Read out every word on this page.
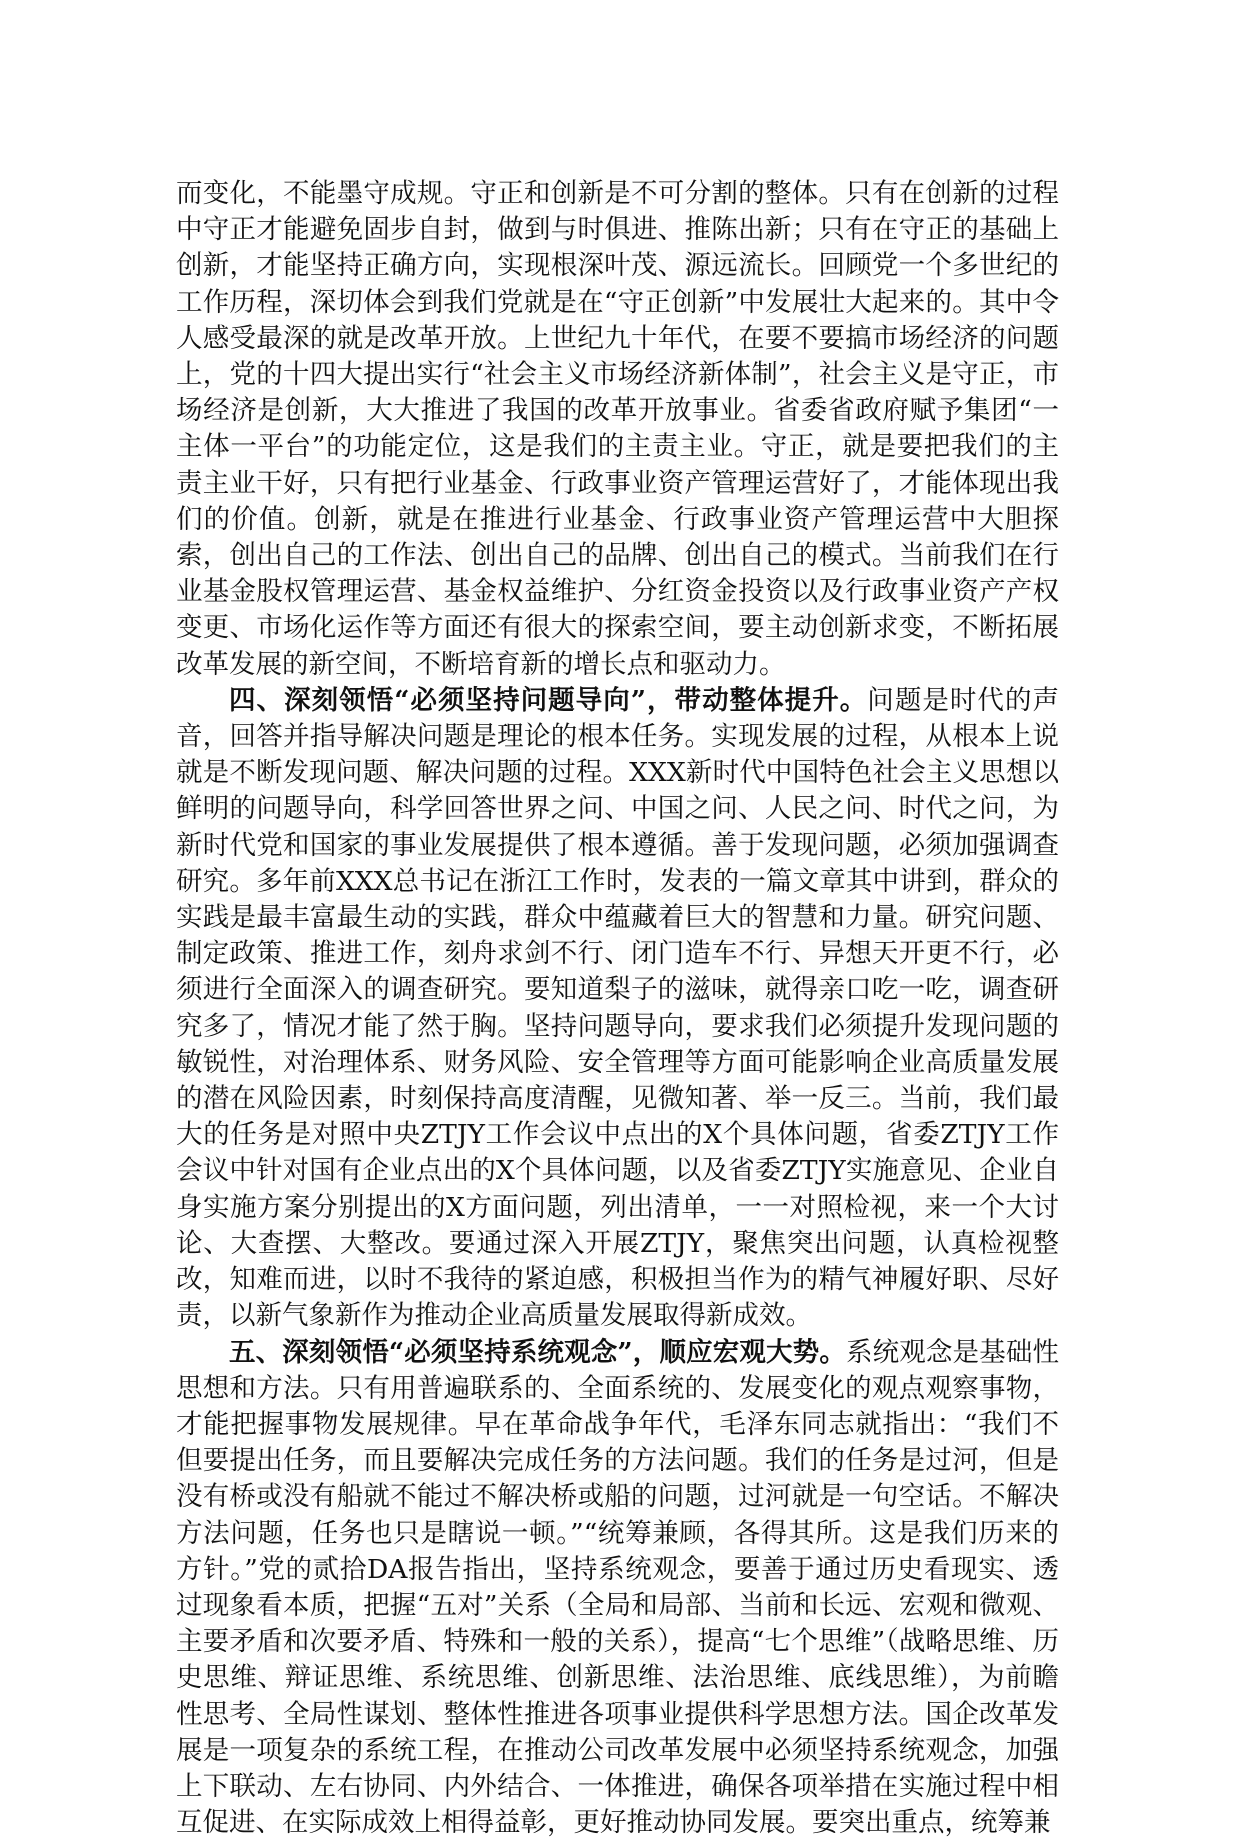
而变化，不能墨守成规。守正和创新是不可分割的整体。只有在创新的过程中守正才能避免固步自封，做到与时俱进、推陈出新；只有在守正的基础上创新，才能坚持正确方向，实现根深叶茂、源远流长。回顾党一个多世纪的工作历程，深切体会到我们党就是在“守正创新”中发展壮大起来的。其中令人感受最深的就是改革开放。上世纪九十年代，在要不要搞市场经济的问题上，党的十四大提出实行“社会主义市场经济新体制”，社会主义是守正，市场经济是创新，大大推进了我国的改革开放事业。省委省政府赋予集团“一主体一平台”的功能定位，这是我们的主责主业。守正，就是要把我们的主责主业干好，只有把行业基金、行政事业资产管理运营好了，才能体现出我们的价值。创新，就是在推进行业基金、行政事业资产管理运营中大胆探索，创出自己的工作法、创出自己的品牌、创出自己的模式。当前我们在行业基金股权管理运营、基金权益维护、分红资金投资以及行政事业资产产权变更、市场化运作等方面还有很大的探索空间，要主动创新求变，不断拓展改革发展的新空间，不断培育新的增长点和驱动力。

四、深刻领悟“必须坚持问题导向”，带动整体提升。问题是时代的声音，回答并指导解决问题是理论的根本任务。实现发展的过程，从根本上说就是不断发现问题、解决问题的过程。XXX新时代中国特色社会主义思想以鲜明的问题导向，科学回答世界之问、中国之问、人民之问、时代之问，为新时代党和国家的事业发展提供了根本遵循。善于发现问题，必须加强调查研究。多年前XXX总书记在浙江工作时，发表的一篇文章其中讲到，群众的实践是最丰富最生动的实践，群众中蕴藏着巨大的智慧和力量。研究问题、制定政策、推进工作，刻舟求剑不行、闭门造车不行、异想天开更不行，必须进行全面深入的调查研究。要知道梨子的滋味，就得亲口吃一吃，调查研究多了，情况才能了然于胸。坚持问题导向，要求我们必须提升发现问题的敏锐性，对治理体系、财务风险、安全管理等方面可能影响企业高质量发展的潜在风险因素，时刻保持高度清醒，见微知著、举一反三。当前，我们最大的任务是对照中央ZTJY工作会议中点出的X个具体问题，省委ZTJY工作会议中针对国有企业点出的X个具体问题，以及省委ZTJY实施意见、企业自身实施方案分别提出的X方面问题，列出清单，一一对照检视，来一个大讨论、大查摆、大整改。要通过深入开展ZTJY，聚焦突出问题，认真检视整改，知难而进，以时不我待的紧迫感，积极担当作为的精气神履好职、尽好责，以新气象新作为推动企业高质量发展取得新成效。

五、深刻领悟“必须坚持系统观念”，顺应宏观大势。系统观念是基础性思想和方法。只有用普遍联系的、全面系统的、发展变化的观点观察事物，才能把握事物发展规律。早在革命战争年代，毛泽东同志就指出：“我们不但要提出任务，而且要解决完成任务的方法问题。我们的任务是过河，但是没有桥或没有船就不能过不解决桥或船的问题，过河就是一句空话。不解决方法问题，任务也只是瞎说一顿。”“统筹兼顾，各得其所。这是我们历来的方针。”党的贰拾DA报告指出，坚持系统观念，要善于通过历史看现实、透过现象看本质，把握“五对”关系（全局和局部、当前和长远、宏观和微观、主要矛盾和次要矛盾、特殊和一般的关系），提高“七个思维”（战略思维、历史思维、辩证思维、系统思维、创新思维、法治思维、底线思维），为前瞻性思考、全局性谋划、整体性推进各项事业提供科学思想方法。国企改革发展是一项复杂的系统工程，在推动公司改革发展中必须坚持系统观念，加强上下联动、左右协同、内外结合、一体推进，确保各项举措在实施过程中相互促进、在实际成效上相得益彰，更好推动协同发展。要突出重点，统筹兼
